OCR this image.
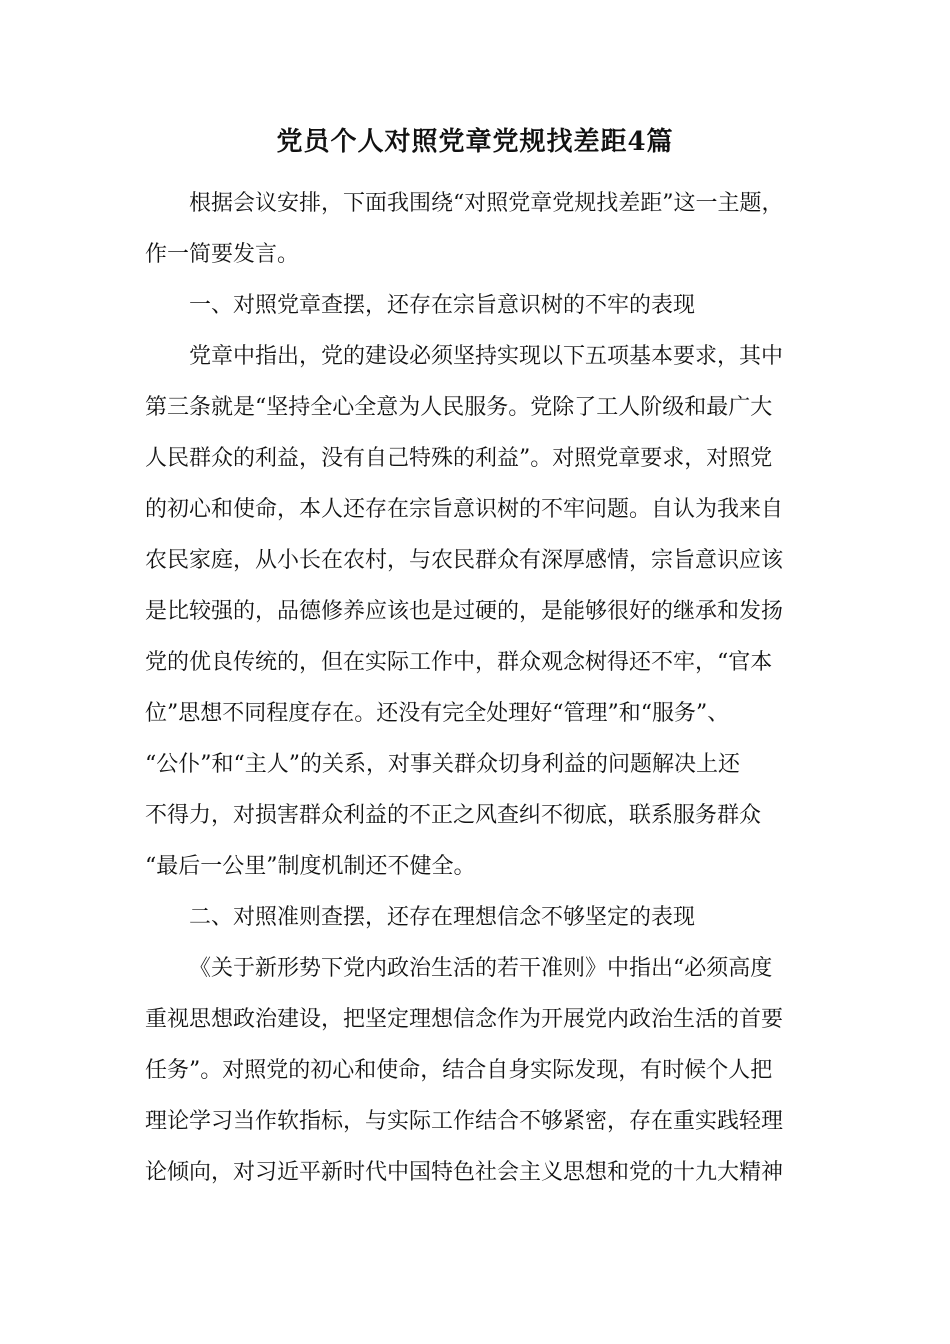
党员个人对照党章党规找差距4篇

根据会议安排，下面我围绕“对照党章党规找差距”这一主题，

作一简要发言。

一、对照党章查摆，还存在宗旨意识树的不牢的表现

党章中指出，党的建设必须坚持实现以下五项基本要求，其中

第三条就是“坚持全心全意为人民服务。党除了工人阶级和最广大

人民群众的利益，没有自己特殊的利益”。对照党章要求，对照党

的初心和使命，本人还存在宗旨意识树的不牢问题。自认为我来自

农民家庭，从小长在农村，与农民群众有深厚感情，宗旨意识应该

是比较强的，品德修养应该也是过硬的，是能够很好的继承和发扬

党的优良传统的，但在实际工作中，群众观念树得还不牢，“官本

位”思想不同程度存在。还没有完全处理好“管理”和“服务”、

“公仆”和“主人”的关系，对事关群众切身利益的问题解决上还

不得力，对损害群众利益的不正之风查纠不彻底，联系服务群众

“最后一公里”制度机制还不健全。

二、对照准则查摆，还存在理想信念不够坚定的表现

《关于新形势下党内政治生活的若干准则》中指出“必须高度

重视思想政治建设，把坚定理想信念作为开展党内政治生活的首要

任务”。对照党的初心和使命，结合自身实际发现，有时候个人把

理论学习当作软指标，与实际工作结合不够紧密，存在重实践轻理

论倾向，对习近平新时代中国特色社会主义思想和党的十九大精神
